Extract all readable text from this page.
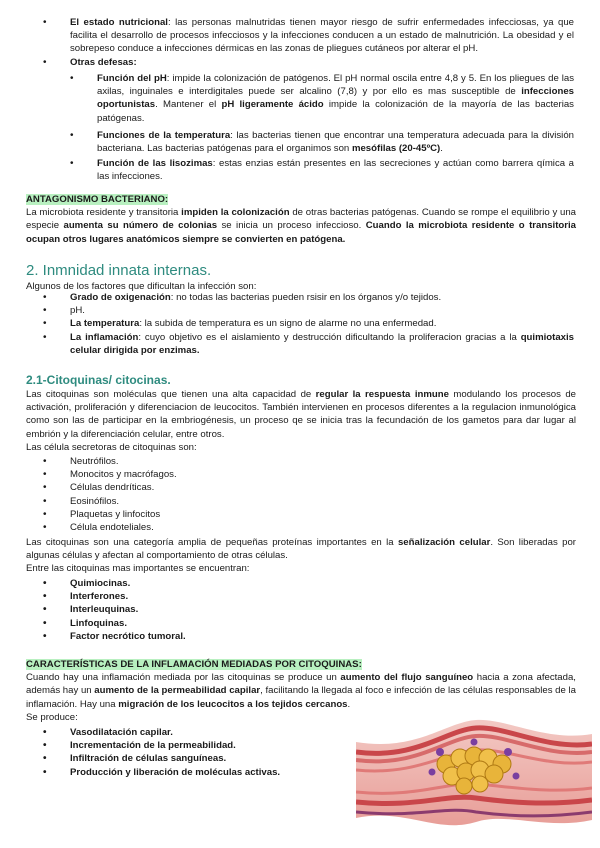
• El estado nutricional: las personas malnutridas tienen mayor riesgo de sufrir enfermedades infecciosas, ya que facilita el desarrollo de procesos infecciosos y la infecciones conducen a un estado de malnutrición. La obesidad y el sobrepeso conduce a infecciones dérmicas en las zonas de pliegues cutáneos por alterar el pH.
• Otras defesas:
• Función del pH: impide la colonización de patógenos. El pH normal oscila entre 4,8 y 5. En los pliegues de las axilas, inguinales e interdigitales puede ser alcalino (7,8) y por ello es mas susceptible de infecciones oportunistas. Mantener el pH ligeramente ácido impide la colonización de la mayoría de las bacterias patógenas.
• Funciones de la temperatura: las bacterias tienen que encontrar una temperatura adecuada para la división bacteriana. Las bacterias patógenas para el organimos son mesófilas (20-45ºC).
• Función de las lisozimas: estas enzias están presentes en las secreciones y actúan como barrera qímica a las infecciones.
ANTAGONISMO BACTERIANO:
La microbiota residente y transitoria impiden la colonización de otras bacterias patógenas. Cuando se rompe el equilibrio y una especie aumenta su número de colonias se inicia un proceso infeccioso. Cuando la microbiota residente o transitoria ocupan otros lugares anatómicos siempre se convierten en patógena.
2. Inmnidad innata internas.
Algunos de los factores que dificultan la infección son:
• Grado de oxigenación: no todas las bacterias pueden rsisir en los órganos y/o tejidos.
• pH.
• La temperatura: la subida de temperatura es un signo de alarme no una enfermedad.
• La inflamación: cuyo objetivo es el aislamiento y destrucción dificultando la proliferacion gracias a la quimiotaxis celular dirigida por enzimas.
2.1-Citoquinas/ citocinas.
Las citoquinas son moléculas que tienen una alta capacidad de regular la respuesta inmune modulando los procesos de activación, proliferación y diferenciacion de leucocitos. También intervienen en procesos diferentes a la regulacion inmunológica como son las de participar en la embriogénesis, un proceso qe se inicia tras la fecundación de los gametos para dar lugar al embrión y la diferenciación celular, entre otros.
Las célula secretoras de citoquinas son:
• Neutrófilos.
• Monocitos y macrófagos.
• Células dendríticas.
• Eosinófilos.
• Plaquetas y linfocitos
• Célula endoteliales.
Las citoquinas son una categoría amplia de pequeñas proteínas importantes en la señalización celular. Son liberadas por algunas células y afectan al comportamiento de otras células.
Entre las citoquinas mas importantes se encuentran:
• Quimiocinas.
• Interferones.
• Interleuquinas.
• Linfoquinas.
• Factor necrótico tumoral.
CARACTERÍSTICAS DE LA INFLAMACIÓN MEDIADAS POR CITOQUINAS:
Cuando hay una inflamación mediada por las citoquinas se produce un aumento del flujo sanguíneo hacia a zona afectada, además hay un aumento de la permeabilidad capilar, facilitando la llegada al foco e infección de las células responsables de la inflamación. Hay una migración de los leucocitos a los tejidos cercanos.
Se produce:
• Vasodilatación capilar.
• Incrementación de la permeabilidad.
• Infiltración de células sanguíneas.
• Producción y liberación de moléculas activas.
